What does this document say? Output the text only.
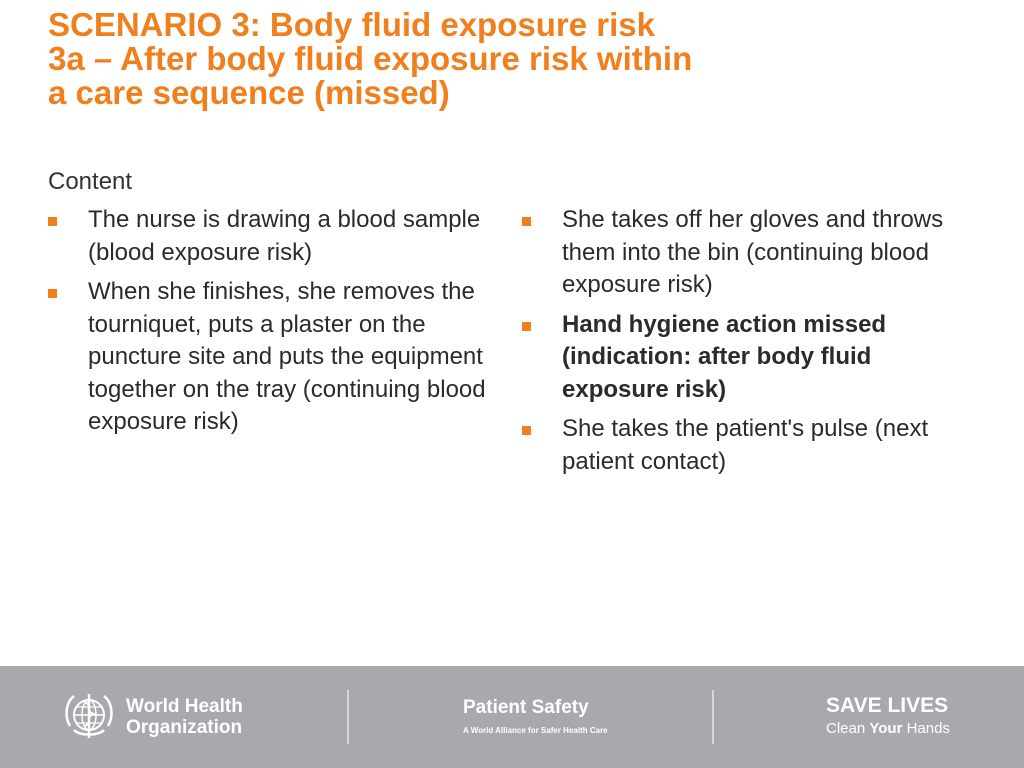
SCENARIO 3: Body fluid exposure risk
3a – After body fluid exposure risk within
a care sequence (missed)
Content
The nurse is drawing a blood sample (blood exposure risk)
When she finishes, she removes the tourniquet, puts a plaster on the puncture site and puts the equipment together on the tray (continuing blood exposure risk)
She takes off her gloves and throws them into the bin (continuing blood exposure risk)
Hand hygiene action missed (indication: after body fluid exposure risk)
She takes the patient's pulse (next patient contact)
World Health
Organization
Patient Safety
A World Alliance for Safer Health Care
SAVE LIVES
Clean Your Hands
